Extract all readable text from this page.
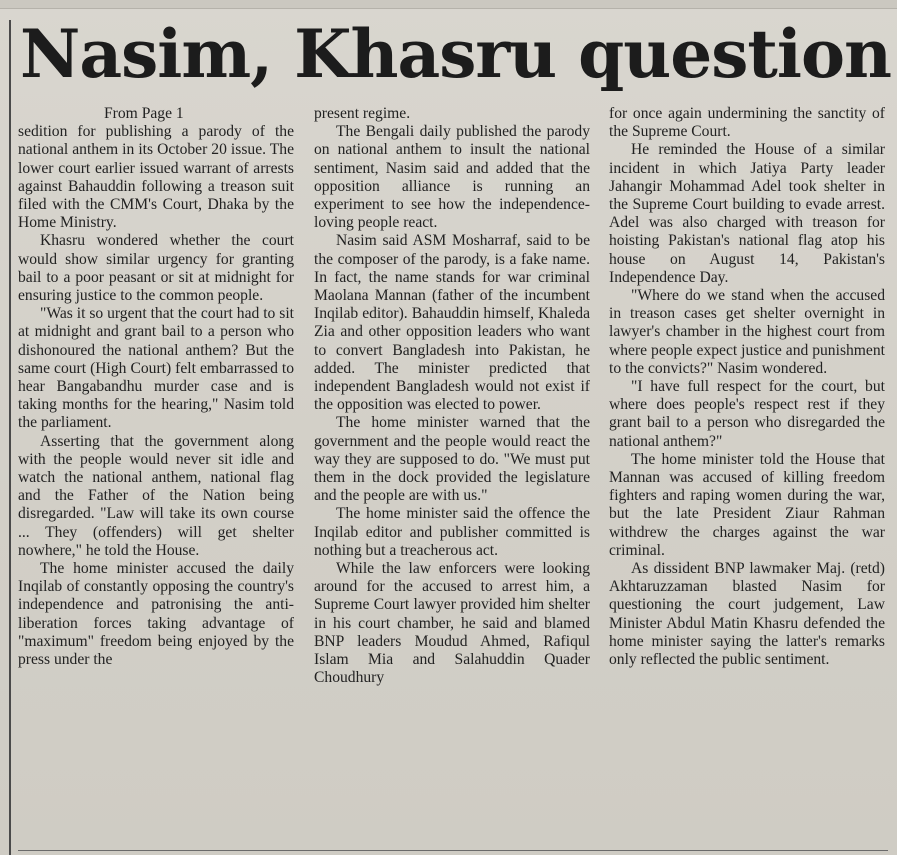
Nasim, Khasru question

From Page 1

sedition for publishing a parody of the national anthem in its October 20 issue. The lower court earlier issued warrant of arrests against Bahauddin following a treason suit filed with the CMM's Court, Dhaka by the Home Ministry.

Khasru wondered whether the court would show similar urgency for granting bail to a poor peasant or sit at midnight for ensuring justice to the common people.

"Was it so urgent that the court had to sit at midnight and grant bail to a person who dishonoured the national anthem? But the same court (High Court) felt embarrassed to hear Bangabandhu murder case and is taking months for the hearing," Nasim told the parliament.

Asserting that the government along with the people would never sit idle and watch the national anthem, national flag and the Father of the Nation being disregarded. "Law will take its own course ... They (offenders) will get shelter nowhere," he told the House.

The home minister accused the daily Inqilab of constantly opposing the country's independence and patronising the anti-liberation forces taking advantage of "maximum" freedom being enjoyed by the press under the

present regime.

The Bengali daily published the parody on national anthem to insult the national sentiment, Nasim said and added that the opposition alliance is running an experiment to see how the independence-loving people react.

Nasim said ASM Mosharraf, said to be the composer of the parody, is a fake name. In fact, the name stands for war criminal Maolana Mannan (father of the incumbent Inqilab editor). Bahauddin himself, Khaleda Zia and other opposition leaders who want to convert Bangladesh into Pakistan, he added. The minister predicted that independent Bangladesh would not exist if the opposition was elected to power.

The home minister warned that the government and the people would react the way they are supposed to do. "We must put them in the dock provided the legislature and the people are with us."

The home minister said the offence the Inqilab editor and publisher committed is nothing but a treacherous act.

While the law enforcers were looking around for the accused to arrest him, a Supreme Court lawyer provided him shelter in his court chamber, he said and blamed BNP leaders Moudud Ahmed, Rafiqul Islam Mia and Salahuddin Quader Choudhury

for once again undermining the sanctity of the Supreme Court.

He reminded the House of a similar incident in which Jatiya Party leader Jahangir Mohammad Adel took shelter in the Supreme Court building to evade arrest. Adel was also charged with treason for hoisting Pakistan's national flag atop his house on August 14, Pakistan's Independence Day.

"Where do we stand when the accused in treason cases get shelter overnight in lawyer's chamber in the highest court from where people expect justice and punishment to the convicts?" Nasim wondered.

"I have full respect for the court, but where does people's respect rest if they grant bail to a person who disregarded the national anthem?"

The home minister told the House that Mannan was accused of killing freedom fighters and raping women during the war, but the late President Ziaur Rahman withdrew the charges against the war criminal.

As dissident BNP lawmaker Maj. (retd) Akhtaruzzaman blasted Nasim for questioning the court judgement, Law Minister Abdul Matin Khasru defended the home minister saying the latter's remarks only reflected the public sentiment.
